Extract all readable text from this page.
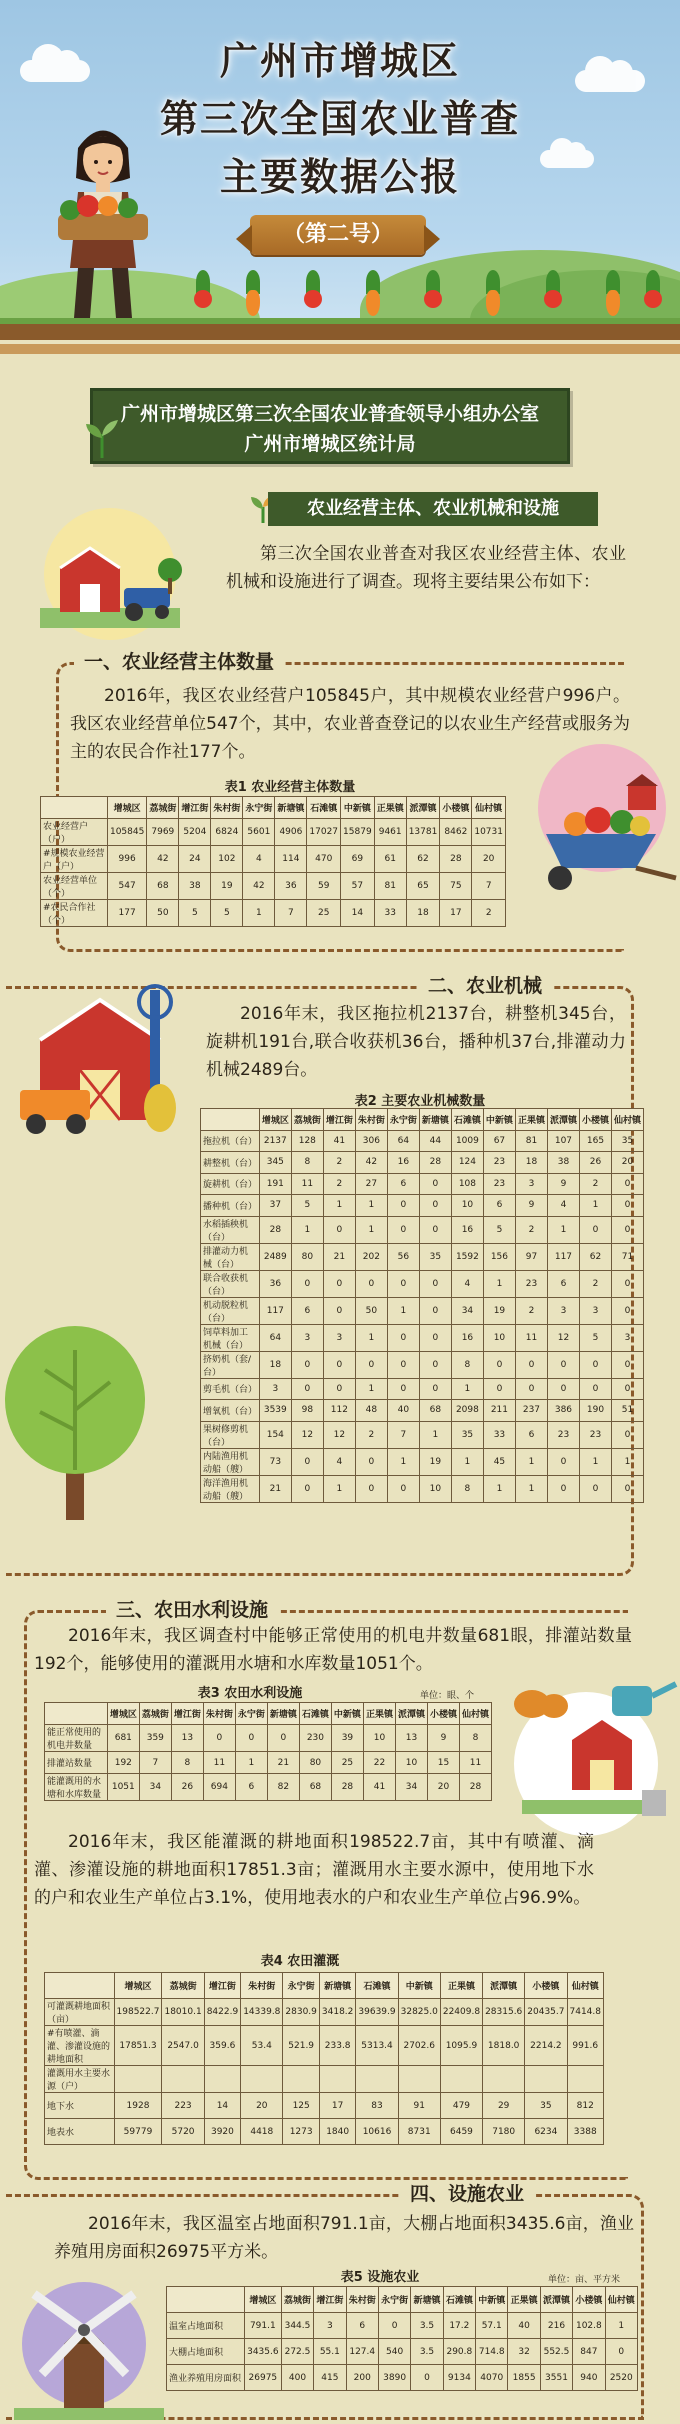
广州市增城区
第三次全国农业普查
主要数据公报
（第二号）
广州市增城区第三次全国农业普查领导小组办公室
广州市增城区统计局
农业经营主体、农业机械和设施
第三次全国农业普查对我区农业经营主体、农业机械和设施进行了调查。现将主要结果公布如下：
一、农业经营主体数量
2016年，我区农业经营户105845户，其中规模农业经营户996户。我区农业经营单位547个，其中，农业普查登记的以农业生产经营或服务为主的农民合作社177个。
表1 农业经营主体数量
	增城区	荔城街	增江街	朱村街	永宁街	新塘镇	石滩镇	中新镇	正果镇	派潭镇	小楼镇	仙村镇
农业经营户（户）	105845	7969	5204	6824	5601	4906	17027	15879	9461	13781	8462	10731
#规模农业经营户（户）	996	42	24	102	4	114	470	69	61	62	28	20
农业经营单位（个）	547	68	38	19	42	36	59	57	81	65	75	7
#农民合作社（个）	177	50	5	5	1	7	25	14	33	18	17	2
二、农业机械
2016年末，我区拖拉机2137台，耕整机345台，旋耕机191台,联合收获机36台，播种机37台,排灌动力机械2489台。
表2 主要农业机械数量
	增城区	荔城街	增江街	朱村街	永宁街	新塘镇	石滩镇	中新镇	正果镇	派潭镇	小楼镇	仙村镇
拖拉机（台）	2137	128	41	306	64	44	1009	67	81	107	165	35
耕整机（台）	345	8	2	42	16	28	124	23	18	38	26	20
旋耕机（台）	191	11	2	27	6	0	108	23	3	9	2	0
播种机（台）	37	5	1	1	0	0	10	6	9	4	1	0
水稻插秧机（台）	28	1	0	1	0	0	16	5	2	1	0	0
排灌动力机械（台）	2489	80	21	202	56	35	1592	156	97	117	62	71
联合收获机（台）	36	0	0	0	0	0	4	1	23	6	2	0
机动脱粒机（台）	117	6	0	50	1	0	34	19	2	3	3	0
饲草料加工机械（台）	64	3	3	1	0	0	16	10	11	12	5	3
挤奶机（套/台）	18	0	0	0	0	0	8	0	0	0	0	0
剪毛机（台）	3	0	0	1	0	0	1	0	0	0	0	0
增氧机（台）	3539	98	112	48	40	68	2098	211	237	386	190	51
果树修剪机（台）	154	12	12	2	7	1	35	33	6	23	23	0
内陆渔用机动船（艘）	73	0	4	0	1	19	1	45	1	0	1	1
海洋渔用机动船（艘）	21	0	1	0	0	10	8	1	1	0	0	0
三、农田水利设施
2016年末，我区调查村中能够正常使用的机电井数量681眼，排灌站数量192个，能够使用的灌溉用水塘和水库数量1051个。
表3 农田水利设施	单位：眼、个
	增城区	荔城街	增江街	朱村街	永宁街	新塘镇	石滩镇	中新镇	正果镇	派潭镇	小楼镇	仙村镇
能正常使用的机电井数量	681	359	13	0	0	0	230	39	10	13	9	8
排灌站数量	192	7	8	11	1	21	80	25	22	10	15	11
能灌溉用的水塘和水库数量	1051	34	26	694	6	82	68	28	41	34	20	28
2016年末，我区能灌溉的耕地面积198522.7亩，其中有喷灌、滴灌、渗灌设施的耕地面积17851.3亩；灌溉用水主要水源中，使用地下水的户和农业生产单位占3.1%，使用地表水的户和农业生产单位占96.9%。
表4 农田灌溉
	增城区	荔城街	增江街	朱村街	永宁街	新塘镇	石滩镇	中新镇	正果镇	派潭镇	小楼镇	仙村镇
可灌溉耕地面积（亩）	198522.7	18010.1	8422.9	14339.8	2830.9	3418.2	39639.9	32825.0	22409.8	28315.6	20435.7	7414.8
#有喷灌、滴灌、渗灌设施的耕地面积	17851.3	2547.0	359.6	53.4	521.9	233.8	5313.4	2702.6	1095.9	1818.0	2214.2	991.6
灌溉用水主要水源（户）												
地下水	1928	223	14	20	125	17	83	91	479	29	35	812
地表水	59779	5720	3920	4418	1273	1840	10616	8731	6459	7180	6234	3388
四、设施农业
2016年末，我区温室占地面积791.1亩，大棚占地面积3435.6亩，渔业养殖用房面积26975平方米。
表5 设施农业	单位：亩、平方米
	增城区	荔城街	增江街	朱村街	永宁街	新塘镇	石滩镇	中新镇	正果镇	派潭镇	小楼镇	仙村镇
温室占地面积	791.1	344.5	3	6	0	3.5	17.2	57.1	40	216	102.8	1
大棚占地面积	3435.6	272.5	55.1	127.4	540	3.5	290.8	714.8	32	552.5	847	0
渔业养殖用房面积	26975	400	415	200	3890	0	9134	4070	1855	3551	940	2520
